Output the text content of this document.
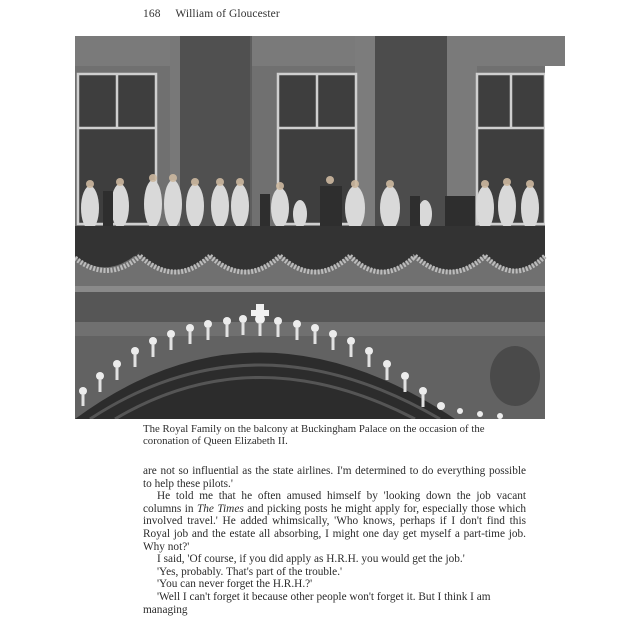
168 William of Gloucester
The Royal Family on the balcony at Buckingham Palace on the occasion of the coronation of Queen Elizabeth II.

are not so influential as the state airlines. I'm determined to do everything possible to help these pilots.'

He told me that he often amused himself by 'looking down the job vacant columns in The Times and picking posts he might apply for, especially those which involved travel.' He added whimsically, 'Who knows, perhaps if I don't find this Royal job and the estate all absorbing, I might one day get myself a part-time job. Why not?'

I said, 'Of course, if you did apply as H.R.H. you would get the job.'

'Yes, probably. That's part of the trouble.'

'You can never forget the H.R.H.?'

'Well I can't forget it because other people won't forget it. But I think I am managing
